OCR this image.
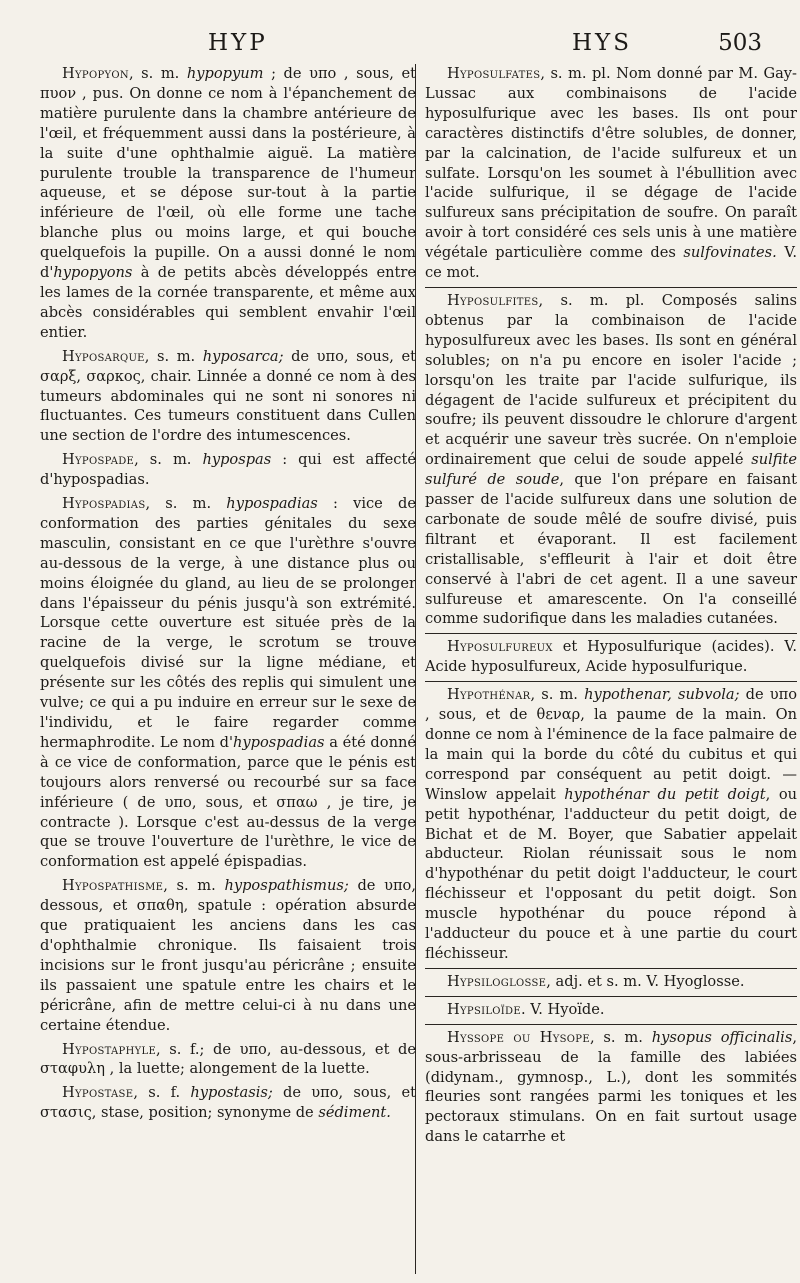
HYP	HYS	503

Hypopyon, s. m. hypopyum ; de υπο , sous, et πυον , pus. On donne ce nom à l'épanchement de matière purulente dans la chambre antérieure de l'œil, et fréquemment aussi dans la postérieure, à la suite d'une ophthalmie aiguë. La matière purulente trouble la transparence de l'humeur aqueuse, et se dépose sur-tout à la partie inférieure de l'œil, où elle forme une tache blanche plus ou moins large, et qui bouche quelquefois la pupille. On a aussi donné le nom d'hypopyons à de petits abcès développés entre les lames de la cornée transparente, et même aux abcès considérables qui semblent envahir l'œil entier.

Hyposarque, s. m. hyposarca; de υπο, sous, et σαρξ, σαρκος, chair. Linnée a donné ce nom à des tumeurs abdominales qui ne sont ni sonores ni fluctuantes. Ces tumeurs constituent dans Cullen une section de l'ordre des intumescences.

Hypospade, s. m. hypospas : qui est affecté d'hypospadias.

Hypospadias, s. m. hypospadias : vice de conformation des parties génitales du sexe masculin, consistant en ce que l'urèthre s'ouvre au-dessous de la verge, à une distance plus ou moins éloignée du gland, au lieu de se prolonger dans l'épaisseur du pénis jusqu'à son extrémité. Lorsque cette ouverture est située près de la racine de la verge, le scrotum se trouve quelquefois divisé sur la ligne médiane, et présente sur les côtés des replis qui simulent une vulve; ce qui a pu induire en erreur sur le sexe de l'individu, et le faire regarder comme hermaphrodite. Le nom d'hypospadias a été donné à ce vice de conformation, parce que le pénis est toujours alors renversé ou recourbé sur sa face inférieure ( de υπο, sous, et σπαω , je tire, je contracte ). Lorsque c'est au-dessus de la verge que se trouve l'ouverture de l'urèthre, le vice de conformation est appelé épispadias.

Hypospathisme, s. m. hypospathismus; de υπο, dessous, et σπαθη, spatule : opération absurde que pratiquaient les anciens dans les cas d'ophthalmie chronique. Ils faisaient trois incisions sur le front jusqu'au péricrâne ; ensuite ils passaient une spatule entre les chairs et le péricrâne, afin de mettre celui-ci à nu dans une certaine étendue.

Hypostaphyle, s. f.; de υπο, au-dessous, et de σταφυλη , la luette; alongement de la luette.

Hypostase, s. f. hypostasis; de υπο, sous, et στασις, stase, position; synonyme de sédiment.

Hyposulfates, s. m. pl. Nom donné par M. Gay-Lussac aux combinaisons de l'acide hyposulfurique avec les bases. Ils ont pour caractères distinctifs d'être solubles, de donner, par la calcination, de l'acide sulfureux et un sulfate. Lorsqu'on les soumet à l'ébullition avec l'acide sulfurique, il se dégage de l'acide sulfureux sans précipitation de soufre. On paraît avoir à tort considéré ces sels unis à une matière végétale particulière comme des sulfovinates. V. ce mot.

Hyposulfites, s. m. pl. Composés salins obtenus par la combinaison de l'acide hyposulfureux avec les bases. Ils sont en général solubles; on n'a pu encore en isoler l'acide ; lorsqu'on les traite par l'acide sulfurique, ils dégagent de l'acide sulfureux et précipitent du soufre; ils peuvent dissoudre le chlorure d'argent et acquérir une saveur très sucrée. On n'emploie ordinairement que celui de soude appelé sulfite sulfuré de soude, que l'on prépare en faisant passer de l'acide sulfureux dans une solution de carbonate de soude mêlé de soufre divisé, puis filtrant et évaporant. Il est facilement cristallisable, s'effleurit à l'air et doit être conservé à l'abri de cet agent. Il a une saveur sulfureuse et amarescente. On l'a conseillé comme sudorifique dans les maladies cutanées.

Hyposulfureux et Hyposulfurique (acides). V. Acide hyposulfureux, Acide hyposulfurique.

Hypothénar, s. m. hypothenar, subvola; de υπο , sous, et de θεναρ, la paume de la main. On donne ce nom à l'éminence de la face palmaire de la main qui la borde du côté du cubitus et qui correspond par conséquent au petit doigt. — Winslow appelait hypothénar du petit doigt, ou petit hypothénar, l'adducteur du petit doigt, de Bichat et de M. Boyer, que Sabatier appelait abducteur. Riolan réunissait sous le nom d'hypothénar du petit doigt l'adducteur, le court fléchisseur et l'opposant du petit doigt. Son muscle hypothénar du pouce répond à l'adducteur du pouce et à une partie du court fléchisseur.

Hypsiloglosse, adj. et s. m. V. Hyoglosse.

Hypsiloïde. V. Hyoïde.

Hyssope ou Hysope, s. m. hysopus officinalis, sous-arbrisseau de la famille des labiées (didynam., gymnosp., L.), dont les sommités fleuries sont rangées parmi les toniques et les pectoraux stimulans. On en fait surtout usage dans le catarrhe et
